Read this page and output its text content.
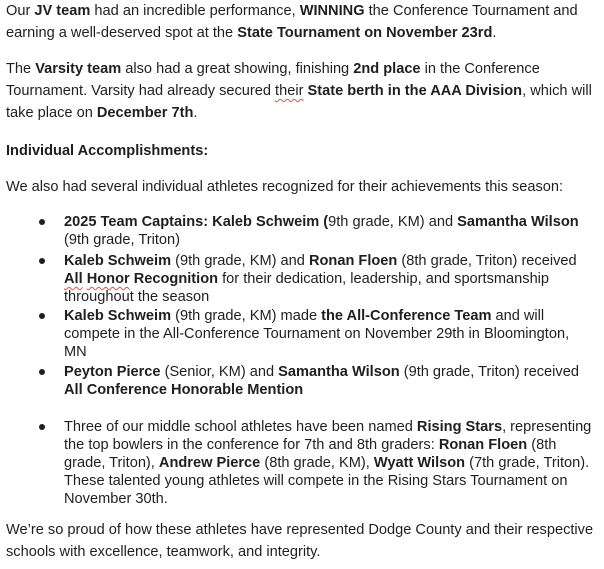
Our JV team had an incredible performance, WINNING the Conference Tournament and earning a well-deserved spot at the State Tournament on November 23rd.

The Varsity team also had a great showing, finishing 2nd place in the Conference Tournament. Varsity had already secured their State berth in the AAA Division, which will take place on December 7th.

Individual Accomplishments:

We also had several individual athletes recognized for their achievements this season:

2025 Team Captains: Kaleb Schweim (9th grade, KM) and Samantha Wilson (9th grade, Triton)
Kaleb Schweim (9th grade, KM) and Ronan Floen (8th grade, Triton) received All Honor Recognition for their dedication, leadership, and sportsmanship throughout the season
Kaleb Schweim (9th grade, KM) made the All-Conference Team and will compete in the All-Conference Tournament on November 29th in Bloomington, MN
Peyton Pierce (Senior, KM) and Samantha Wilson (9th grade, Triton) received All Conference Honorable Mention
Three of our middle school athletes have been named Rising Stars, representing the top bowlers in the conference for 7th and 8th graders: Ronan Floen (8th grade, Triton), Andrew Pierce (8th grade, KM), Wyatt Wilson (7th grade, Triton). These talented young athletes will compete in the Rising Stars Tournament on November 30th.

We’re so proud of how these athletes have represented Dodge County and their respective schools with excellence, teamwork, and integrity.
